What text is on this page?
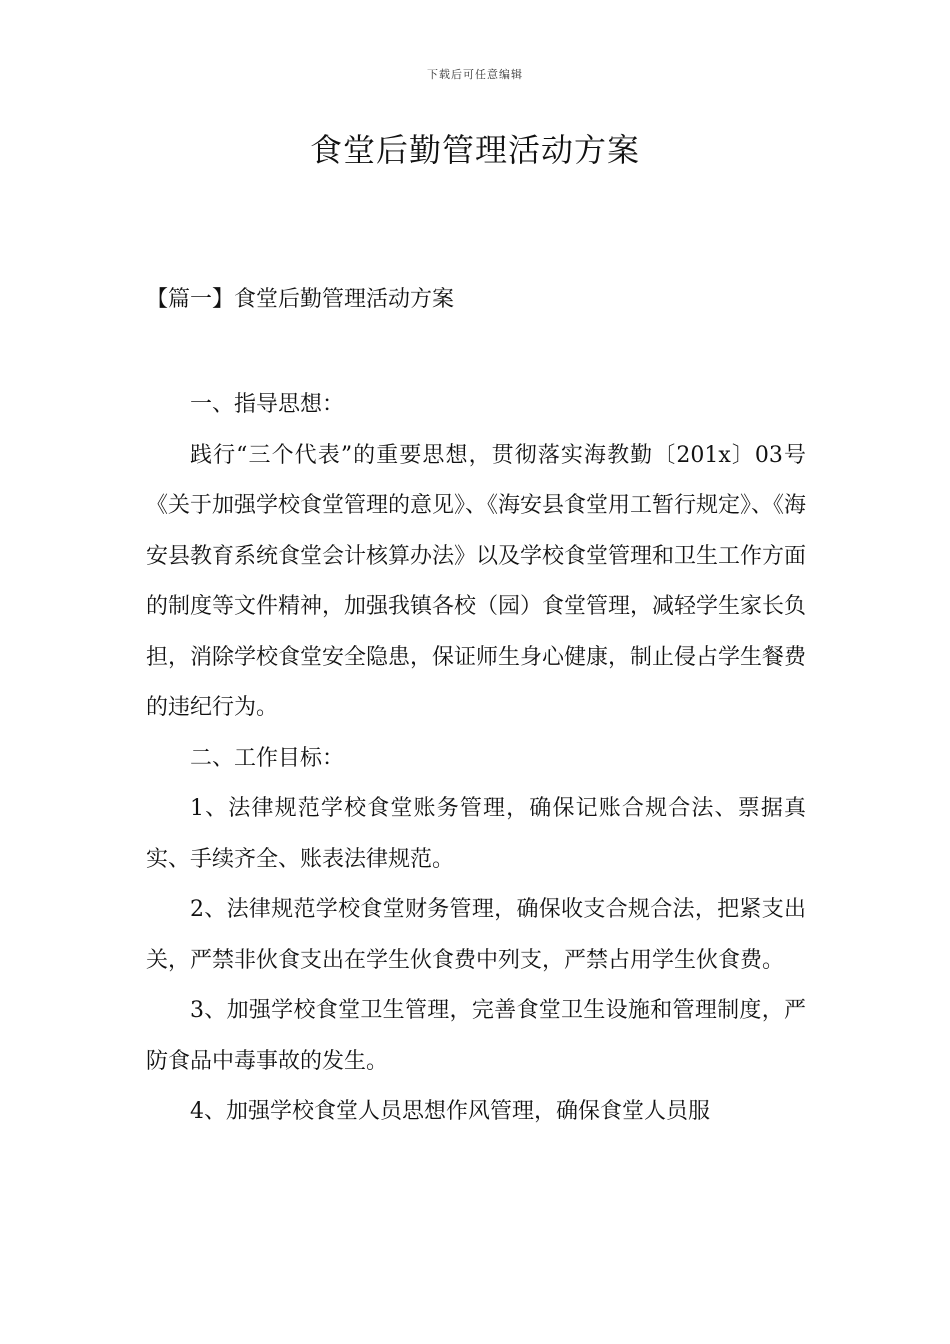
下载后可任意编辑
食堂后勤管理活动方案
【篇一】食堂后勤管理活动方案

一、指导思想：

践行“三个代表”的重要思想，贯彻落实海教勤〔201x〕03号《关于加强学校食堂管理的意见》、《海安县食堂用工暂行规定》、《海安县教育系统食堂会计核算办法》以及学校食堂管理和卫生工作方面的制度等文件精神，加强我镇各校（园）食堂管理，减轻学生家长负担，消除学校食堂安全隐患，保证师生身心健康，制止侵占学生餐费的违纪行为。

二、工作目标：

1、法律规范学校食堂账务管理，确保记账合规合法、票据真实、手续齐全、账表法律规范。

2、法律规范学校食堂财务管理，确保收支合规合法，把紧支出关，严禁非伙食支出在学生伙食费中列支，严禁占用学生伙食费。

3、加强学校食堂卫生管理，完善食堂卫生设施和管理制度，严防食品中毒事故的发生。

4、加强学校食堂人员思想作风管理，确保食堂人员服
